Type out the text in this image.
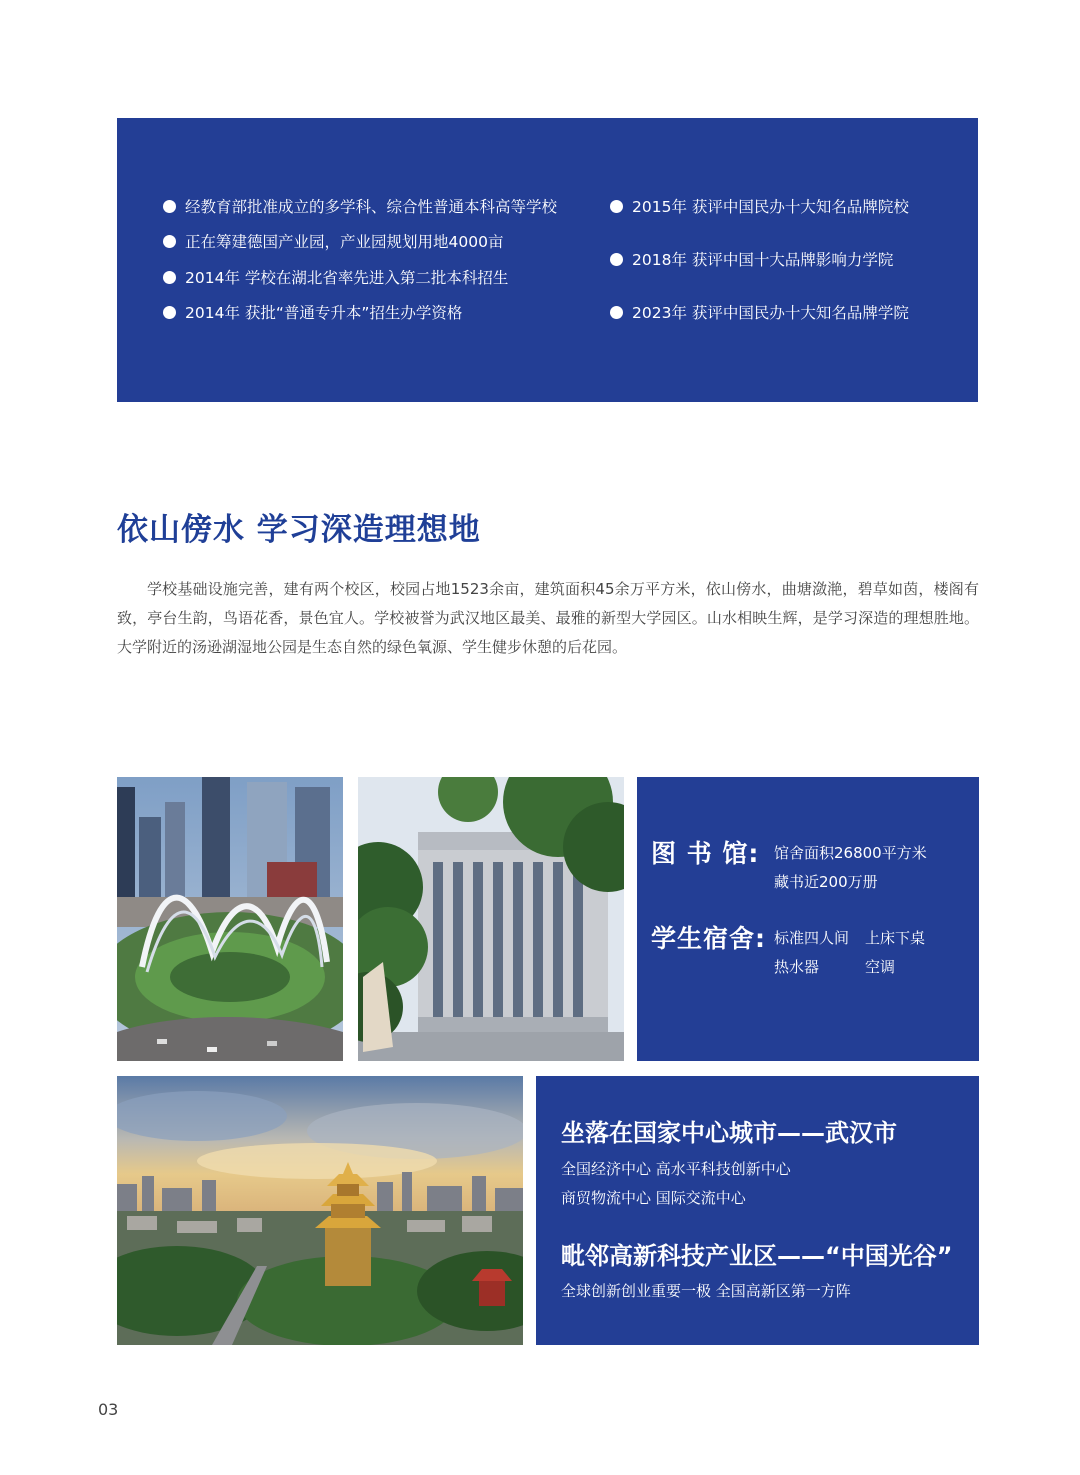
经教育部批准成立的多学科、综合性普通本科高等学校
正在筹建德国产业园，产业园规划用地4000亩
2014年 学校在湖北省率先进入第二批本科招生
2014年 获批“普通专升本”招生办学资格
2015年 获评中国民办十大知名品牌院校
2018年 获评中国十大品牌影响力学院
2023年 获评中国民办十大知名品牌学院
依山傍水 学习深造理想地

学校基础设施完善，建有两个校区，校园占地1523余亩，建筑面积45余万平方米，依山傍水，曲塘潋滟，碧草如茵，楼阁有致，亭台生韵，鸟语花香，景色宜人。学校被誉为武汉地区最美、最雅的新型大学园区。山水相映生辉，是学习深造的理想胜地。大学附近的汤逊湖湿地公园是生态自然的绿色氧源、学生健步休憩的后花园。

图 书 馆: 馆舍面积26800平方米
藏书近200万册
学生宿舍: 标准四人间 上床下桌
热水器	空调
坐落在国家中心城市——武汉市
全国经济中心 高水平科技创新中心
商贸物流中心 国际交流中心
毗邻高新科技产业区——“中国光谷”
全球创新创业重要一极 全国高新区第一方阵
03
